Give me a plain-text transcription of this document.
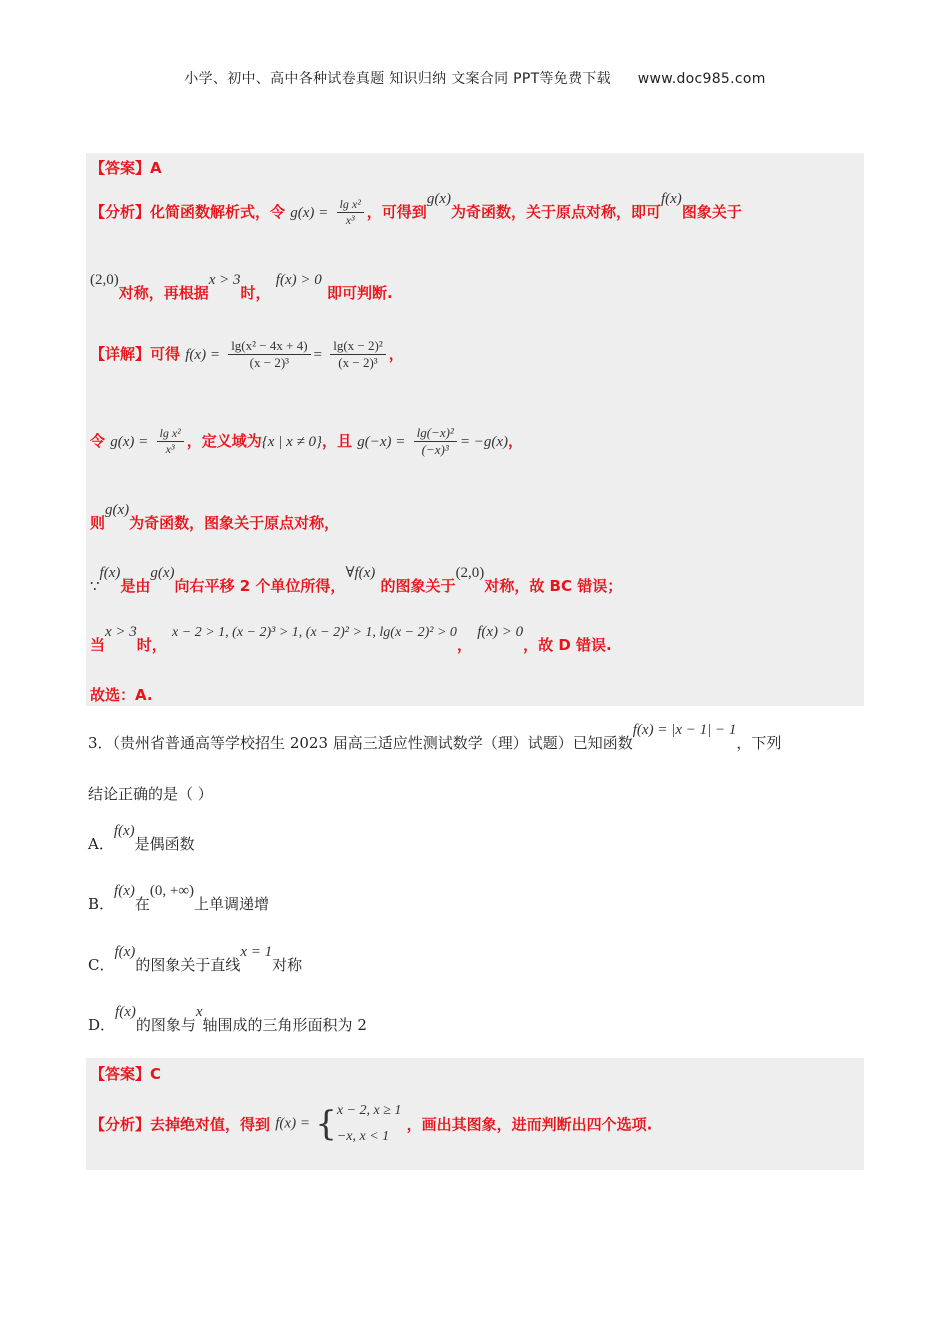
小学、初中、高中各种试卷真题 知识归纳 文案合同 PPT等免费下载 www.doc985.com
【答案】A
【分析】化简函数解析式，令 $g(x) = \frac{\text{lg x²}}{\text{x³}}$ ，可得到g(x)为奇函数，关于原点对称，即可f(x)图象关于
(2,0)对称，再根据x > 3时， f(x) > 0 即可判断.
【详解】可得 $f(x) = \frac{\text{lg(x² − 4x + 4)}}{\text{(x − 2)³}} = \frac{\text{lg(x − 2)²}}{\text{(x − 2)³}}$ ，
令 $g(x) = \frac{\text{lg x²}}{\text{x³}}$ ，定义域为{x | x ≠ 0}，且 $g(-x) = \frac{\text{lg(−x)²}}{\text{(−x)³}} = -g(x)$，
则g(x)为奇函数，图象关于原点对称，
∵f(x)是由g(x)向右平移 2 个单位所得，∀f(x) 的图象关于(2,0)对称，故 BC 错误；
当x > 3时， x − 2 > 1, (x − 2)³ > 1, (x − 2)² > 1, lg(x − 2)² > 0， f(x) > 0，故 D 错误.
故选：A.
3．（贵州省普通高等学校招生 2023 届高三适应性测试数学（理）试题）已知函数f(x) = |x − 1| − 1，下列
结论正确的是（ ）
A．f(x)是偶函数
B．f(x)在(0, +∞)上单调递增
C．f(x)的图象关于直线x = 1对称
D．f(x)的图象与x轴围成的三角形面积为 2
【答案】C
【分析】去掉绝对值，得到 f(x) = { x − 2, x ≥ 1
−x, x < 1
，画出其图象，进而判断出四个选项.
